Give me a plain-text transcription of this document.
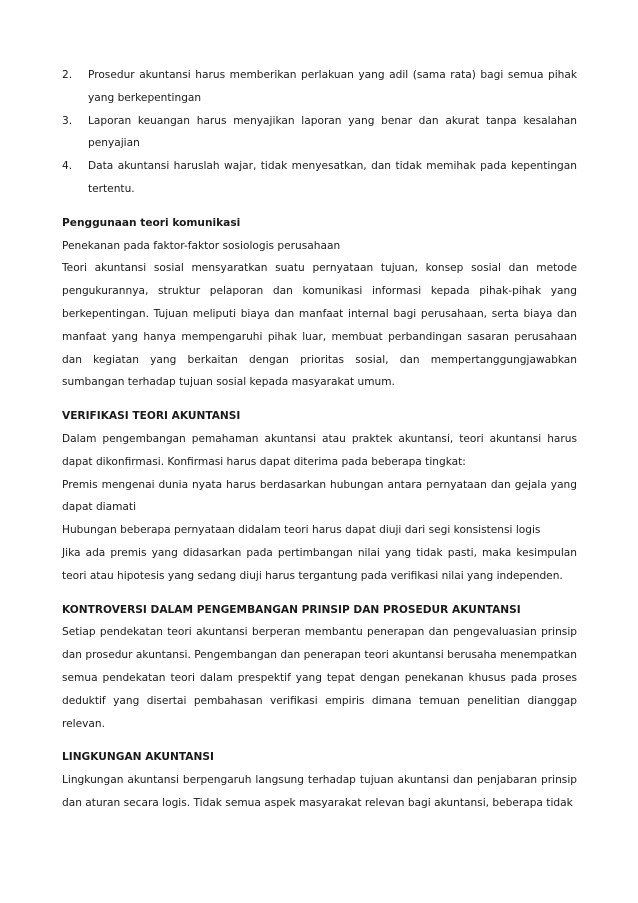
2.	Prosedur akuntansi harus memberikan perlakuan yang adil (sama rata) bagi semua pihak yang berkepentingan
3.	Laporan keuangan harus menyajikan laporan yang benar dan akurat tanpa kesalahan penyajian
4.	Data akuntansi haruslah wajar, tidak menyesatkan, dan tidak memihak pada kepentingan tertentu.

Penggunaan teori komunikasi

Penekanan pada faktor-faktor sosiologis perusahaan

Teori akuntansi sosial mensyaratkan suatu pernyataan tujuan, konsep sosial dan metode pengukurannya, struktur pelaporan dan komunikasi informasi kepada pihak-pihak yang berkepentingan. Tujuan meliputi biaya dan manfaat internal bagi perusahaan, serta biaya dan manfaat yang hanya mempengaruhi pihak luar, membuat perbandingan sasaran perusahaan dan kegiatan yang berkaitan dengan prioritas sosial, dan mempertanggungjawabkan sumbangan terhadap tujuan sosial kepada masyarakat umum.

VERIFIKASI TEORI AKUNTANSI

Dalam pengembangan pemahaman akuntansi atau praktek akuntansi, teori akuntansi harus dapat dikonfirmasi. Konfirmasi harus dapat diterima pada beberapa tingkat:

Premis mengenai dunia nyata harus berdasarkan hubungan antara pernyataan dan gejala yang dapat diamati

Hubungan beberapa pernyataan didalam teori harus dapat diuji dari segi konsistensi logis

Jika ada premis yang didasarkan pada pertimbangan nilai yang tidak pasti, maka kesimpulan teori atau hipotesis yang sedang diuji harus tergantung pada verifikasi nilai yang independen.

KONTROVERSI DALAM PENGEMBANGAN PRINSIP DAN PROSEDUR AKUNTANSI

Setiap pendekatan teori akuntansi berperan membantu penerapan dan pengevaluasian prinsip dan prosedur akuntansi. Pengembangan dan penerapan teori akuntansi berusaha menempatkan semua pendekatan teori dalam prespektif yang tepat dengan penekanan khusus pada proses deduktif yang disertai pembahasan verifikasi empiris dimana temuan penelitian dianggap relevan.

LINGKUNGAN AKUNTANSI

Lingkungan akuntansi berpengaruh langsung terhadap tujuan akuntansi dan penjabaran prinsip dan aturan secara logis. Tidak semua aspek masyarakat relevan bagi akuntansi, beberapa tidak
